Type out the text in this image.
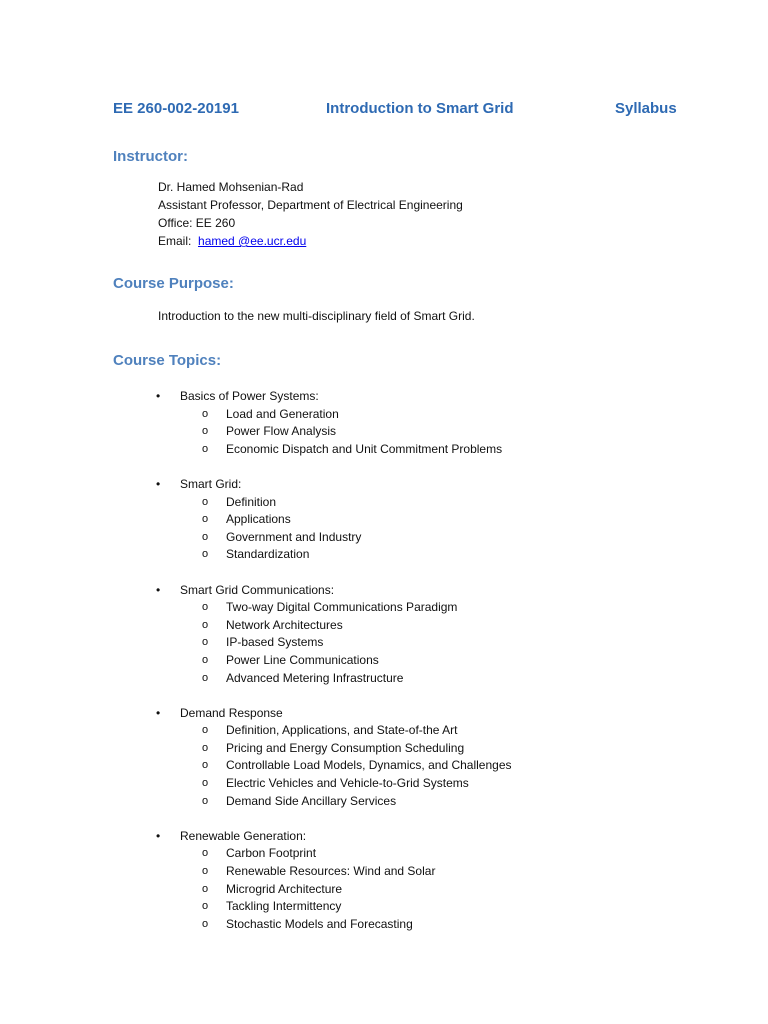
EE 260-002-20191	Introduction to Smart Grid	Syllabus
Instructor:
Dr. Hamed Mohsenian-Rad
Assistant Professor, Department of Electrical Engineering
Office: EE 260
Email: hamed @ee.ucr.edu
Course Purpose:
Introduction to the new multi-disciplinary field of Smart Grid.
Course Topics:
• Basics of Power Systems:
o Load and Generation
o Power Flow Analysis
o Economic Dispatch and Unit Commitment Problems
• Smart Grid:
o Definition
o Applications
o Government and Industry
o Standardization
• Smart Grid Communications:
o Two-way Digital Communications Paradigm
o Network Architectures
o IP-based Systems
o Power Line Communications
o Advanced Metering Infrastructure
• Demand Response
o Definition, Applications, and State-of-the Art
o Pricing and Energy Consumption Scheduling
o Controllable Load Models, Dynamics, and Challenges
o Electric Vehicles and Vehicle-to-Grid Systems
o Demand Side Ancillary Services
• Renewable Generation:
o Carbon Footprint
o Renewable Resources: Wind and Solar
o Microgrid Architecture
o Tackling Intermittency
o Stochastic Models and Forecasting
